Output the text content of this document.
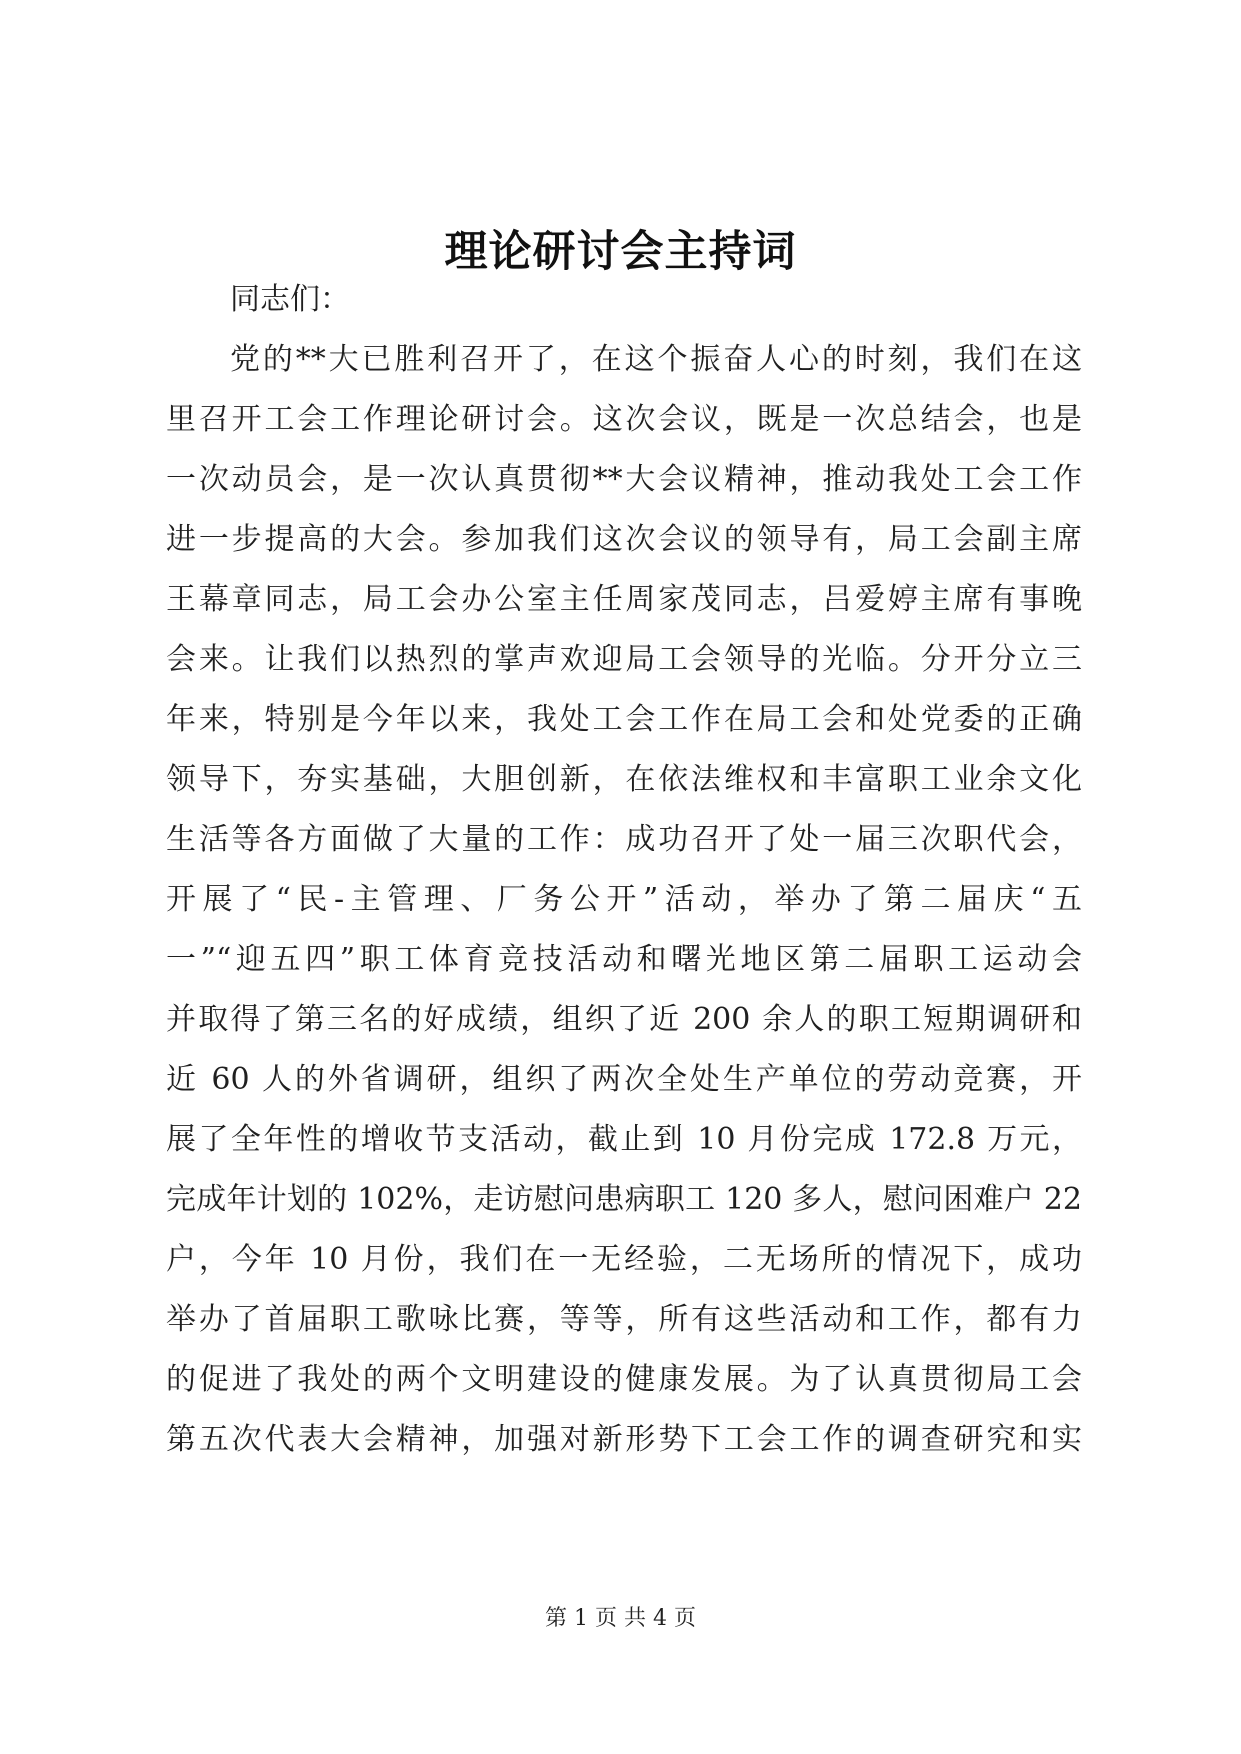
理论研讨会主持词
同志们：
党的**大已胜利召开了，在这个振奋人心的时刻，我们在这
里召开工会工作理论研讨会。这次会议，既是一次总结会，也是
一次动员会，是一次认真贯彻**大会议精神，推动我处工会工作
进一步提高的大会。参加我们这次会议的领导有，局工会副主席
王幕章同志，局工会办公室主任周家茂同志，吕爱婷主席有事晚
会来。让我们以热烈的掌声欢迎局工会领导的光临。分开分立三
年来，特别是今年以来，我处工会工作在局工会和处党委的正确
领导下，夯实基础，大胆创新，在依法维权和丰富职工业余文化
生活等各方面做了大量的工作：成功召开了处一届三次职代会，
开展了“民-主管理、厂务公开”活动，举办了第二届庆“五
一”“迎五四”职工体育竞技活动和曙光地区第二届职工运动会
并取得了第三名的好成绩，组织了近 200 余人的职工短期调研和
近 60 人的外省调研，组织了两次全处生产单位的劳动竞赛，开
展了全年性的增收节支活动，截止到 10 月份完成 172.8 万元，
完成年计划的 102%，走访慰问患病职工 120 多人，慰问困难户 22
户，今年 10 月份，我们在一无经验，二无场所的情况下，成功
举办了首届职工歌咏比赛，等等，所有这些活动和工作，都有力
的促进了我处的两个文明建设的健康发展。为了认真贯彻局工会
第五次代表大会精神，加强对新形势下工会工作的调查研究和实
第 1 页 共 4 页
